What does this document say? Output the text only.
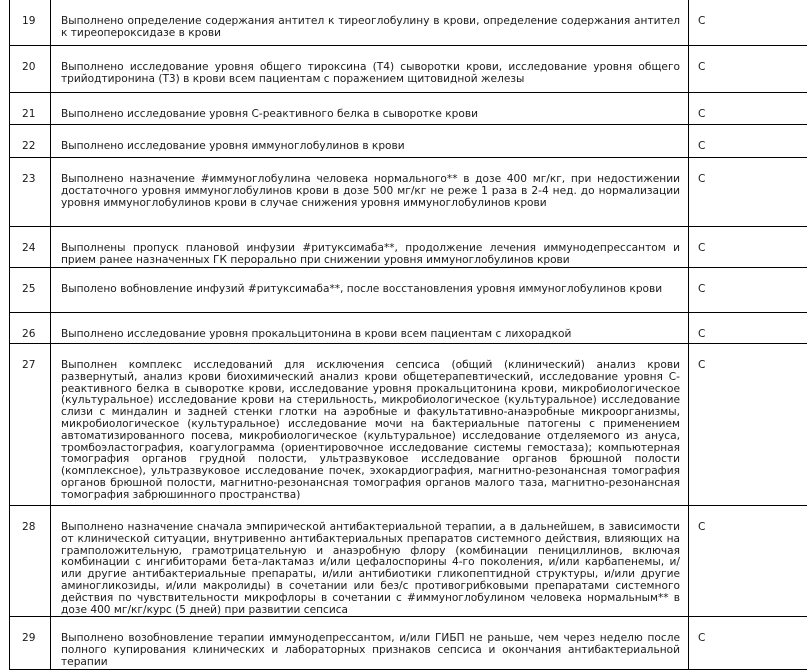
19	Выполнено определение содержания антител к тиреоглобулину в крови, определение содержания антител к тиреопероксидазе в крови	С
20	Выполнено исследование уровня общего тироксина (Т4) сыворотки крови, исследование уровня общего трийодтиронина (Т3) в крови всем пациентам с поражением щитовидной железы	С
21	Выполнено исследование уровня С-реактивного белка в сыворотке крови	С
22	Выполнено исследование уровня иммуноглобулинов в крови	С
23	Выполнено назначение #иммуноглобулина человека нормального** в дозе 400 мг/кг, при недостижении достаточного уровня иммуноглобулинов крови в дозе 500 мг/кг не реже 1 раза в 2-4 нед. до нормализации уровня иммуноглобулинов крови в случае снижения уровня иммуноглобулинов крови	С
24	Выполнены пропуск плановой инфузии #ритуксимаба**, продолжение лечения иммунодепрессантом и прием ранее назначенных ГК перорально при снижении уровня иммуноглобулинов крови	С
25	Выполено вобновление инфузий #ритуксимаба**, после восстановления уровня иммуноглобулинов крови	С
26	Выполнено исследование уровня прокальцитонина в крови всем пациентам с лихорадкой	С
27	Выполнен комплекс исследований для исключения сепсиса (общий (клинический) анализ крови развернутый, анализ крови биохимический анализ крови общетерапевтический, исследование уровня С-реактивного белка в сыворотке крови, исследование уровня прокальцитонина крови, микробиологическое (культуральное) исследование крови на стерильность, микробиологическое (культуральное) исследование слизи с миндалин и задней стенки глотки на аэробные и факультативно-анаэробные микроорганизмы, микробиологическое (культуральное) исследование мочи на бактериальные патогены с применением автоматизированного посева, микробиологическое (культуральное) исследование отделяемого из ануса, тромбоэластография, коагулограмма (ориентировочное исследование системы гемостаза); компьютерная томография органов грудной полости, ультразвуковое исследование органов брюшной полости (комплексное), ультразвуковое исследование почек, эхокардиография, магнитно-резонансная томография органов брюшной полости, магнитно-резонансная томография органов малого таза, магнитно-резонансная томография забрюшинного пространства)	С
28	Выполнено назначение сначала эмпирической антибактериальной терапии, а в дальнейшем, в зависимости от клинической ситуации, внутривенно антибактериальных препаратов системного действия, влияющих на грамположительную, грамотрицательную и анаэробную флору (комбинации пенициллинов, включая комбинации с ингибиторами бета-лактамаз и/или цефалоспорины 4-го поколения, и/или карбапенемы, и/или другие антибактериальные препараты, и/или антибиотики гликопептидной структуры, и/или другие аминогликозиды, и/или макролиды) в сочетании или без/с противогрибковыми препаратами системного действия по чувствительности микрофлоры в сочетании с #иммуноглобулином человека нормальным** в дозе 400 мг/кг/курс (5 дней) при развитии сепсиса	С
29	Выполнено возобновление терапии иммунодепрессантом, и/или ГИБП не раньше, чем через неделю после полного купирования клинических и лабораторных признаков сепсиса и окончания антибактериальной терапии	С
